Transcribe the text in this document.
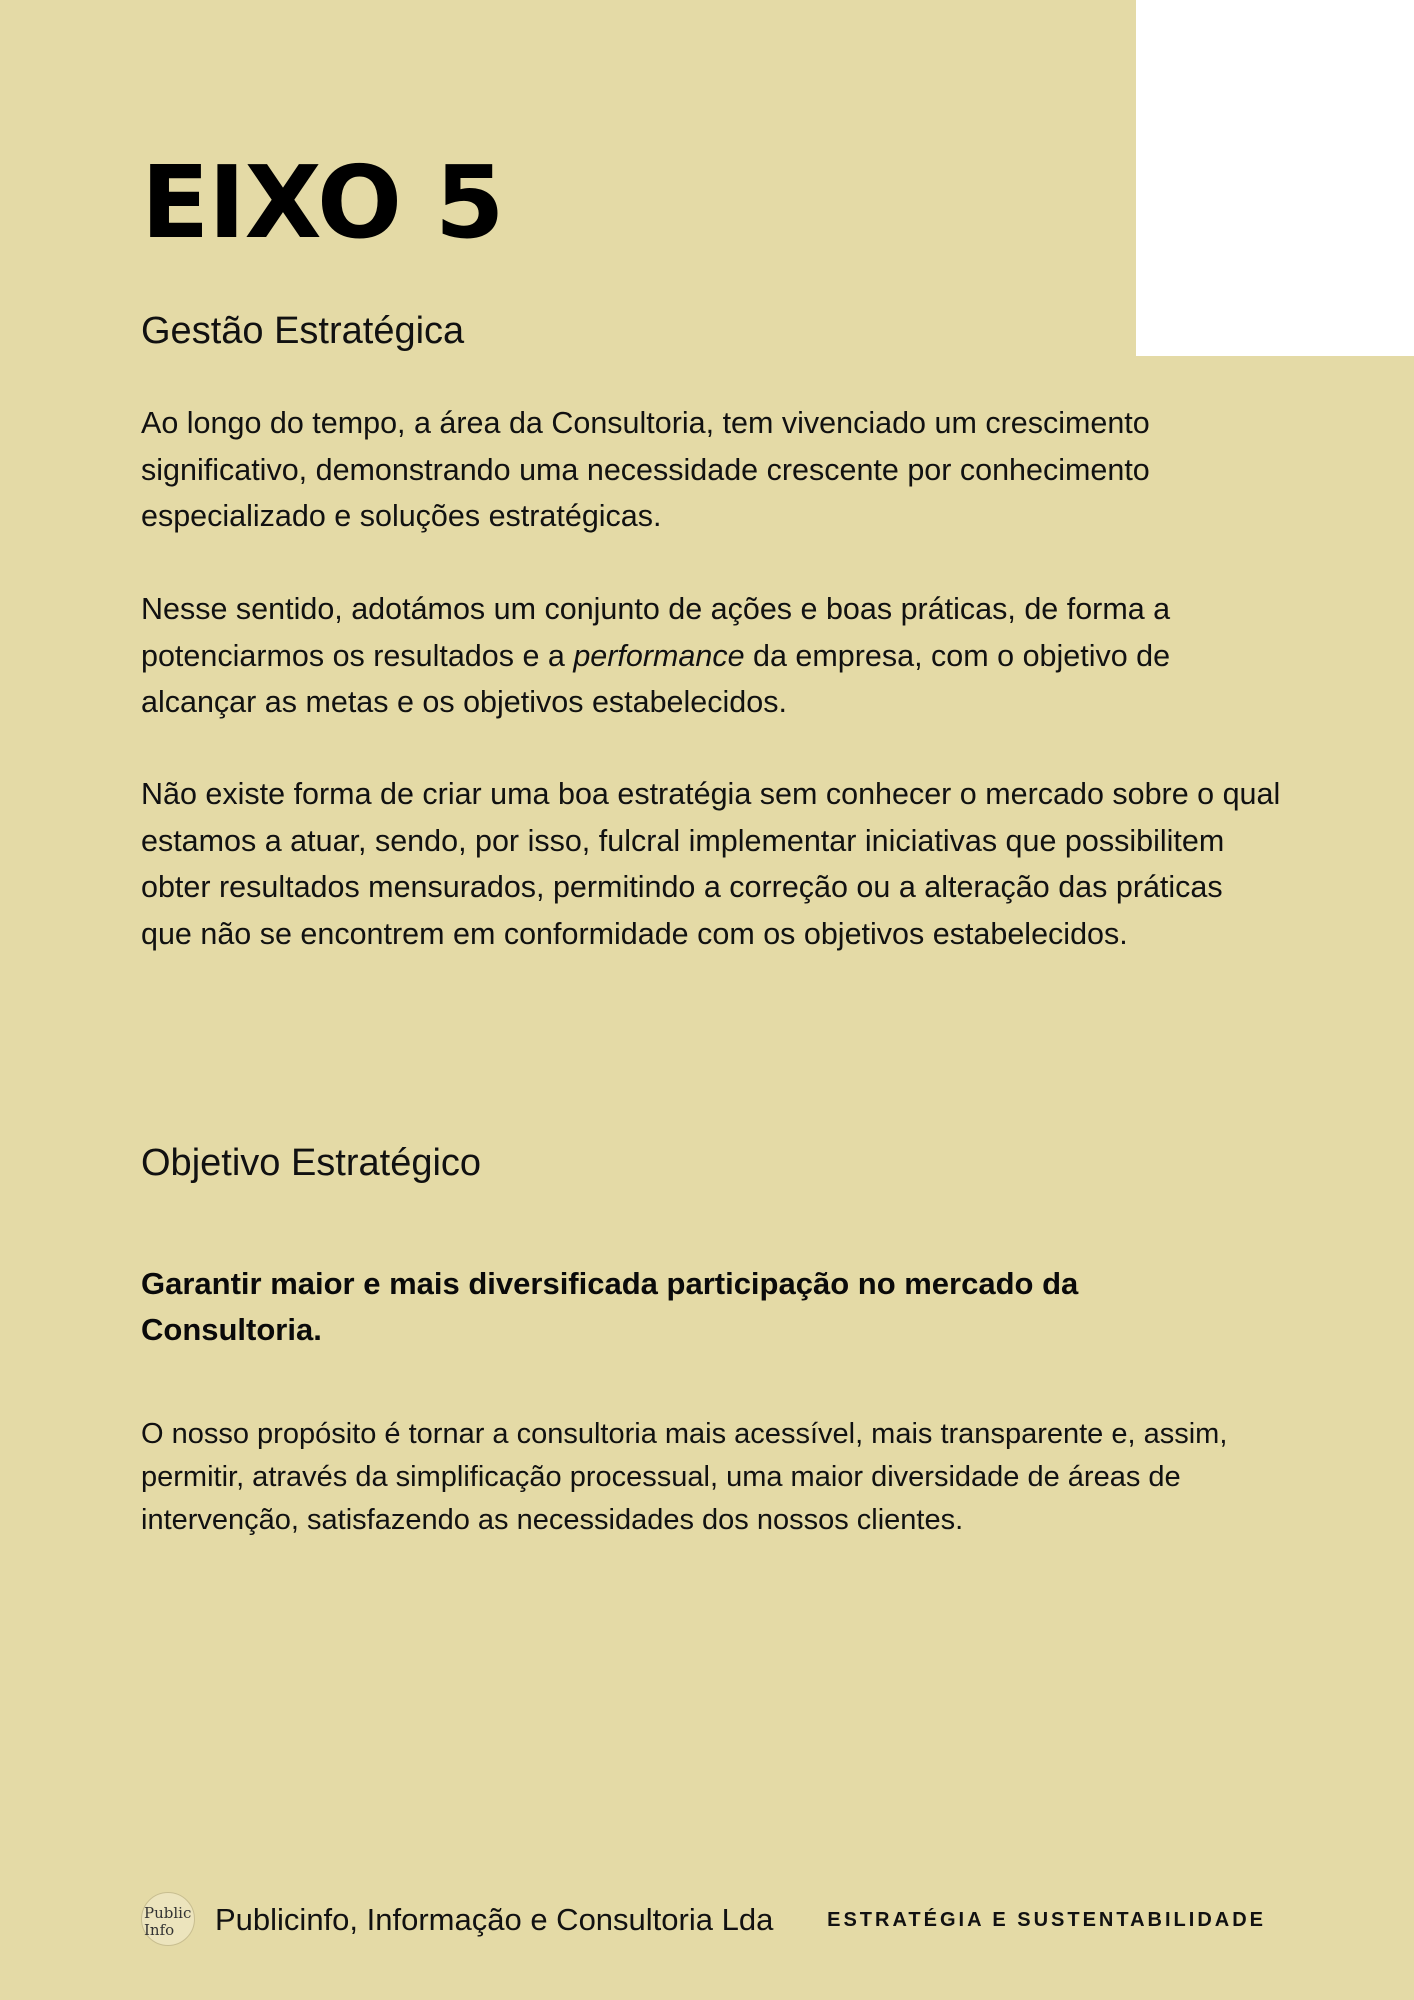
EIXO 5
Gestão Estratégica

Ao longo do tempo, a área da Consultoria, tem vivenciado um crescimento significativo, demonstrando uma necessidade crescente por conhecimento especializado e soluções estratégicas.

Nesse sentido, adotámos um conjunto de ações e boas práticas, de forma a potenciarmos os resultados e a performance da empresa, com o objetivo de alcançar as metas e os objetivos estabelecidos.

Não existe forma de criar uma boa estratégia sem conhecer o mercado sobre o qual estamos a atuar, sendo, por isso, fulcral implementar iniciativas que possibilitem obter resultados mensurados, permitindo a correção ou a alteração das práticas que não se encontrem em conformidade com os objetivos estabelecidos.

Objetivo Estratégico

Garantir maior e mais diversificada participação no mercado da Consultoria.

O nosso propósito é tornar a consultoria mais acessível, mais transparente e, assim, permitir, através da simplificação processual, uma maior diversidade de áreas de intervenção, satisfazendo as necessidades dos nossos clientes.

Public
Info	Publicinfo, Informação e Consultoria Lda	ESTRATÉGIA E SUSTENTABILIDADE
